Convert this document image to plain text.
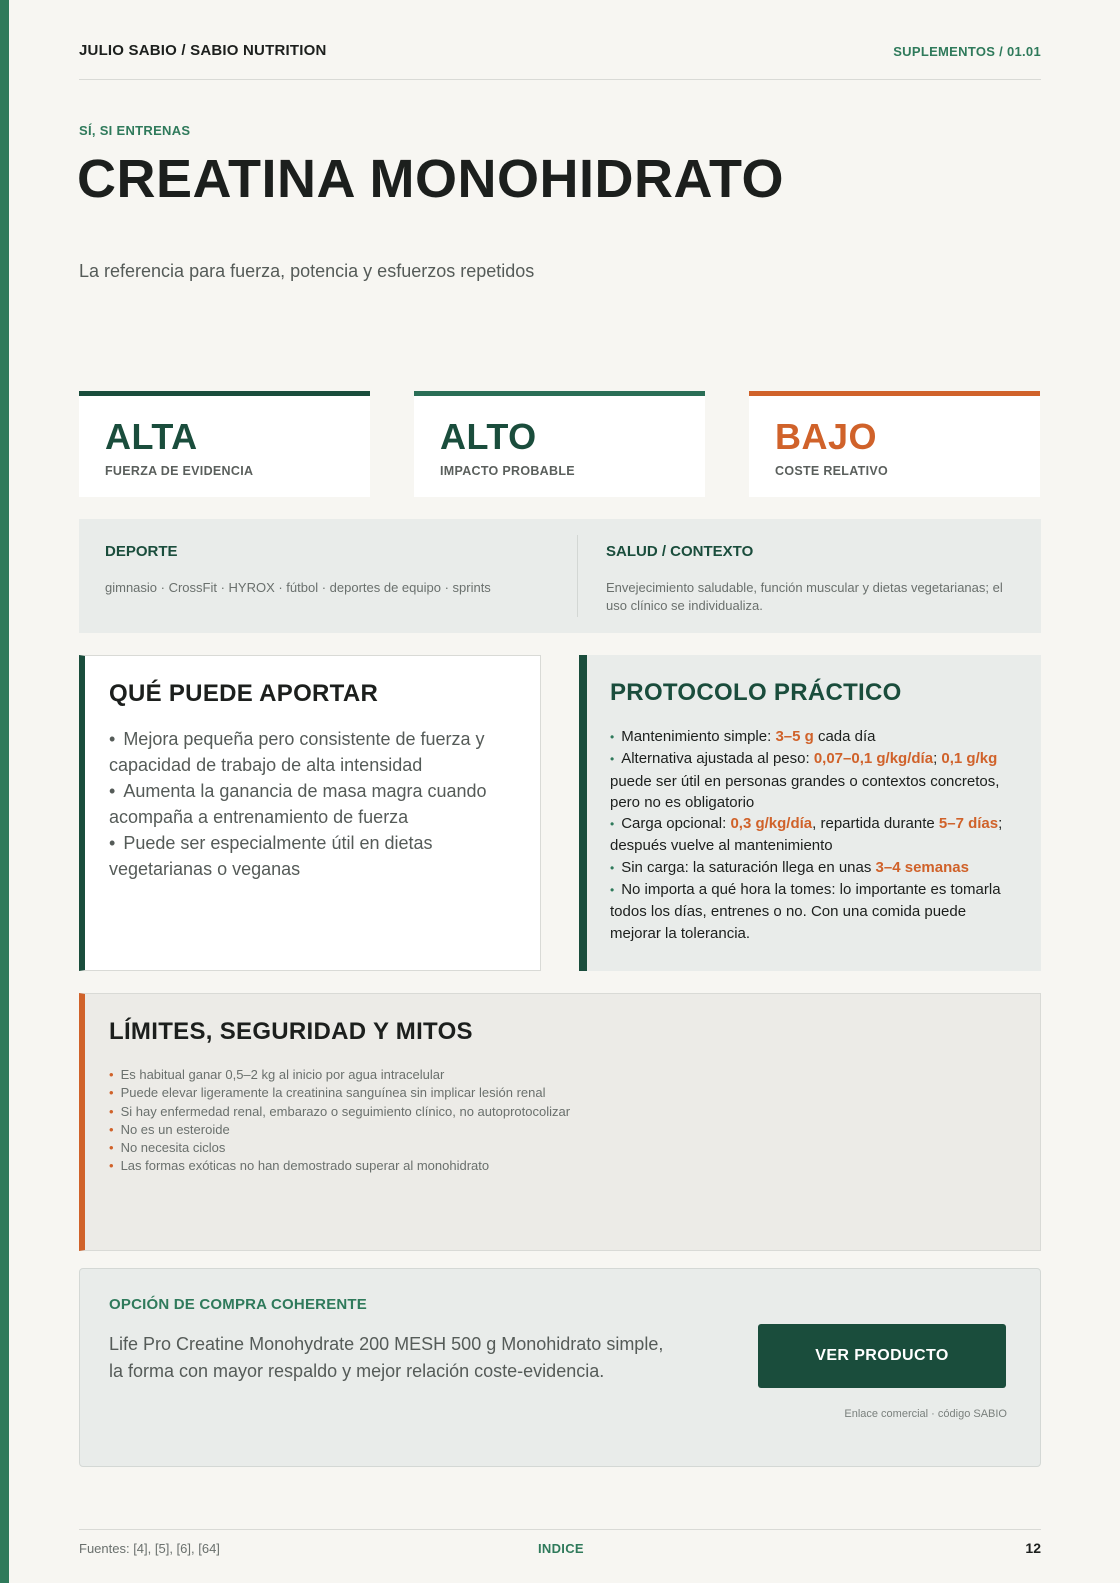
JULIO SABIO / SABIO NUTRITION	SUPLEMENTOS / 01.01
SÍ, SI ENTRENAS
CREATINA MONOHIDRATO
La referencia para fuerza, potencia y esfuerzos repetidos
ALTA
FUERZA DE EVIDENCIA
ALTO
IMPACTO PROBABLE
BAJO
COSTE RELATIVO
DEPORTE
gimnasio · CrossFit · HYROX · fútbol · deportes de equipo · sprints
SALUD / CONTEXTO
Envejecimiento saludable, función muscular y dietas vegetarianas; el uso clínico se individualiza.
QUÉ PUEDE APORTAR
• Mejora pequeña pero consistente de fuerza y capacidad de trabajo de alta intensidad
• Aumenta la ganancia de masa magra cuando acompaña a entrenamiento de fuerza
• Puede ser especialmente útil en dietas vegetarianas o veganas
PROTOCOLO PRÁCTICO
• Mantenimiento simple: 3–5 g cada día
• Alternativa ajustada al peso: 0,07–0,1 g/kg/día; 0,1 g/kg puede ser útil en personas grandes o contextos concretos, pero no es obligatorio
• Carga opcional: 0,3 g/kg/día, repartida durante 5–7 días; después vuelve al mantenimiento
• Sin carga: la saturación llega en unas 3–4 semanas
• No importa a qué hora la tomes: lo importante es tomarla todos los días, entrenes o no. Con una comida puede mejorar la tolerancia.
LÍMITES, SEGURIDAD Y MITOS
• Es habitual ganar 0,5–2 kg al inicio por agua intracelular
• Puede elevar ligeramente la creatinina sanguínea sin implicar lesión renal
• Si hay enfermedad renal, embarazo o seguimiento clínico, no autoprotocolizar
• No es un esteroide
• No necesita ciclos
• Las formas exóticas no han demostrado superar al monohidrato
OPCIÓN DE COMPRA COHERENTE
Life Pro Creatine Monohydrate 200 MESH 500 g Monohidrato simple, la forma con mayor respaldo y mejor relación coste-evidencia.
VER PRODUCTO
Enlace comercial · código SABIO
Fuentes: [4], [5], [6], [64]	INDICE	12
